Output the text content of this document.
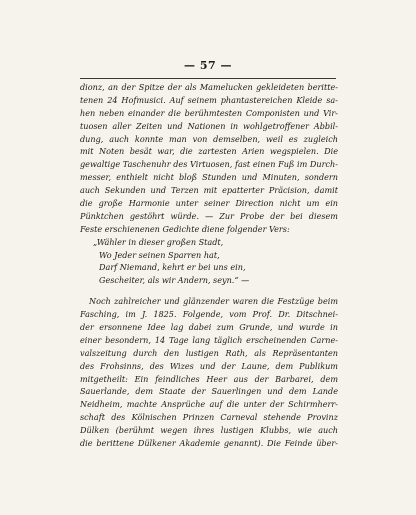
— 57 —
dionz, an der Spitze der als Mamelucken gekleideten beritte-
tenen 24 Hofmusici. Auf seinem phantastereichen Kleide sa-
hen neben einander die berühmtesten Componisten und Vir-
tuosen aller Zeiten und Nationen in wohlgetroffener Abbil-
dung, auch konnte man von demselben, weil es zugleich
mit Noten besät war, die zartesten Arien wegspielen. Die
gewaltige Taschenuhr des Virtuosen, fast einen Fuß im Durch-
messer, enthielt nicht bloß Stunden und Minuten, sondern
auch Sekunden und Terzen mit epatterter Präcision, damit
die große Harmonie unter seiner Direction nicht um ein
Pünktchen gestöhrt würde. — Zur Probe der bei diesem
Feste erschienenen Gedichte diene folgender Vers:
„Wähler in dieser großen Stadt,
Wo Jeder seinen Sparren hat,
Darf Niemand, kehrt er bei uns ein,
Gescheiter, als wir Andern, seyn.“ —
Noch zahlreicher und glänzender waren die Festzüge beim
Fasching, im J. 1825. Folgende, vom Prof. Dr. Ditschnei-
der ersonnene Idee lag dabei zum Grunde, und wurde in
einer besondern, 14 Tage lang täglich erscheinenden Carne-
valszeitung durch den lustigen Rath, als Repräsentanten
des Frohsinns, des Wizes und der Laune, dem Publikum
mitgetheilt: Ein feindliches Heer aus der Barbarei, dem
Sauerlande, dem Staate der Sauerlingen und dem Lande
Neidheim, machte Ansprüche auf die unter der Schirmherr-
schaft des Kölnischen Prinzen Carneval stehende Provinz
Dülken (berühmt wegen ihres lustigen Klubbs, wie auch
die berittene Dülkener Akademie genannt). Die Feinde über-
